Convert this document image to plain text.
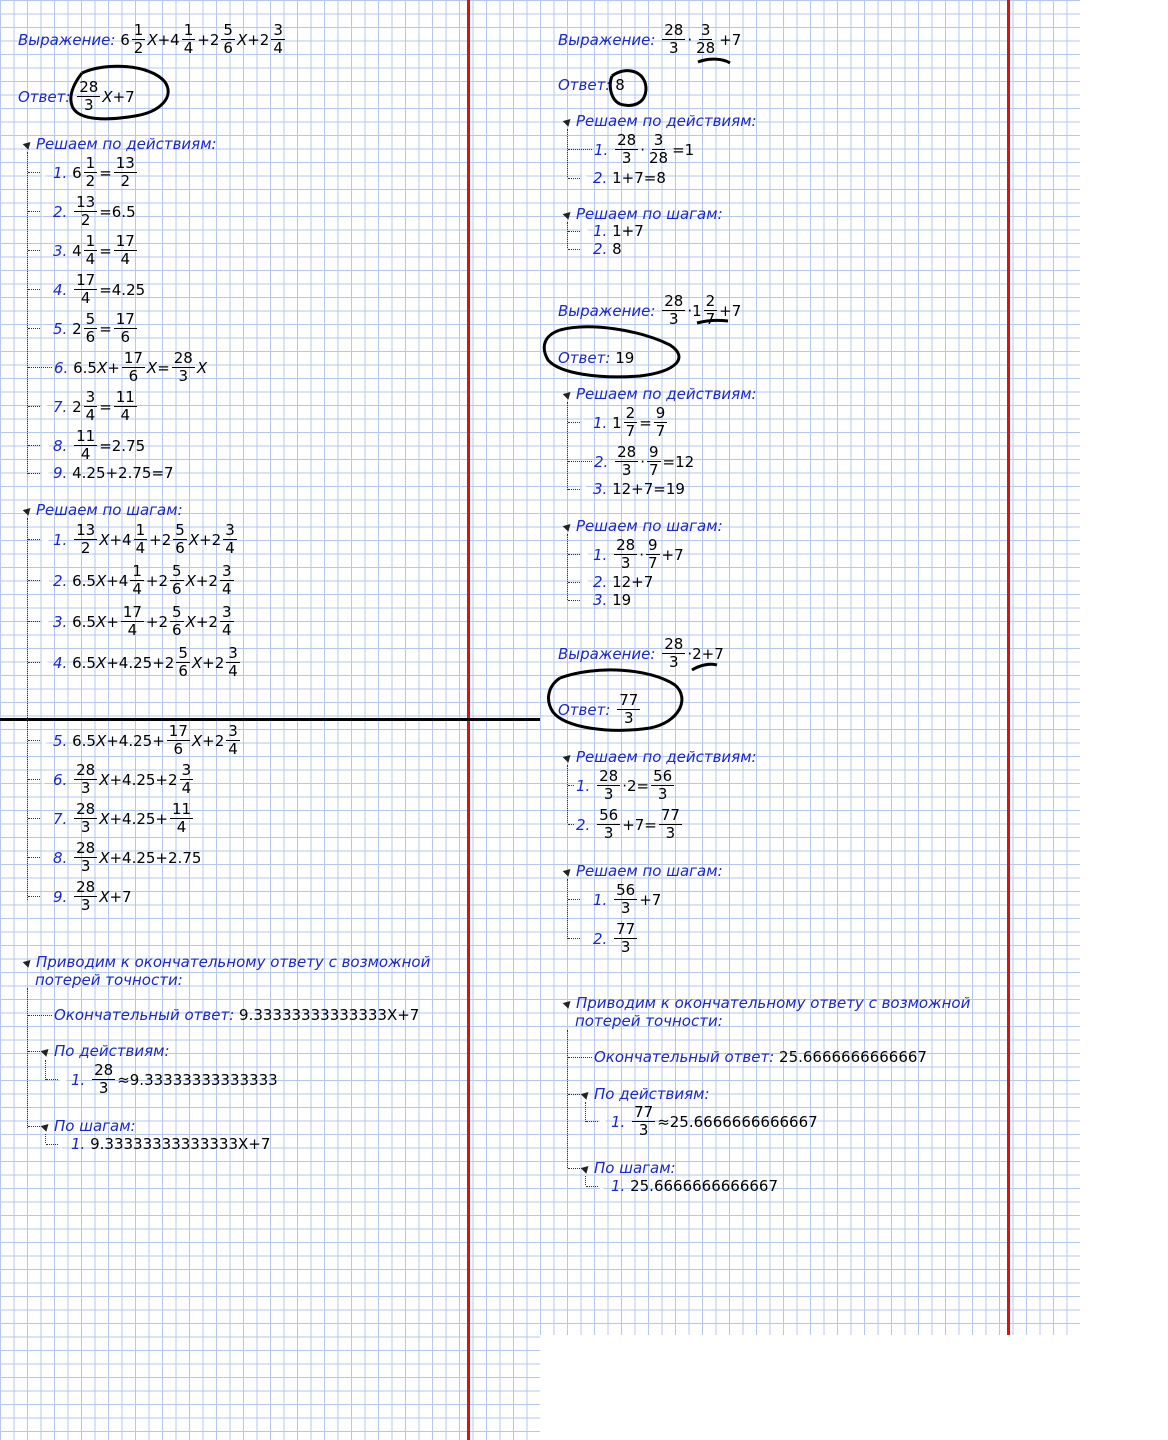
Выражение:
$6 \frac{1}{2}$ $X +4 \frac{1}{4} +2 \frac{5}{6}$ $X +2 \frac{3}{4}$
Ответ:
$\frac{28}{3}$ X +7
Решаем по действиям:
1.
$6 \frac{1}{2} = \frac{13}{2}$
2.
$\frac{13}{2} =6.5$
3.
$4 \frac{1}{4} = \frac{17}{4}$
4.
$\frac{17}{4} =4.25$
5.
$2 \frac{5}{6} = \frac{17}{6}$
6.
6.5 $X + \frac{17}{6}$ $X = \frac{28}{3}$ X
7.
$2 \frac{3}{4} = \frac{11}{4}$
8.
$\frac{11}{4} =2.75$
9.
4.25+2.75=7
Решаем по шагам:
1.
$\frac{13}{2}$ $X +4 \frac{1}{4} +2 \frac{5}{6}$ $X +2 \frac{3}{4}$
2.
6.5 $X +4 \frac{1}{4} +2 \frac{5}{6}$ $X +2 \frac{3}{4}$
3.
6.5 $X + \frac{17}{4} +2 \frac{5}{6}$ $X +2 \frac{3}{4}$
4.
6.5 $X +4.25+2 \frac{5}{6}$ $X +2 \frac{3}{4}$
5.
6.5 $X +4.25+ \frac{17}{6}$ $X +2 \frac{3}{4}$
6.
$\frac{28}{3}$ $X +4.25+2 \frac{3}{4}$
7.
$\frac{28}{3}$ $X +4.25+ \frac{11}{4}$
8.
$\frac{28}{3}$ X +4.25+2.75
9.
$\frac{28}{3}$ X +7
Приводим к окончательному ответу с возможной
потерей точности:
Окончательный ответ:
9.33333333333333X+7
По действиям:
1.
$\frac{28}{3} \approx 9.33333333333333$
По шагам:
1.
9.33333333333333X+7
Выражение:
$\frac{28}{3} \cdot \frac{3}{28} +7$
Ответ:
8
Решаем по действиям:
1.
$\frac{28}{3} \cdot \frac{3}{28} =1$
2.
1+7=8
Решаем по шагам:
1.
1+7
2.
8
Выражение:
$\frac{28}{3} \cdot 1 \frac{2}{7} +7$
Ответ:
19
Решаем по действиям:
1.
$1 \frac{2}{7} = \frac{9}{7}$
2.
$\frac{28}{3} \cdot \frac{9}{7} =12$
3.
12+7=19
Решаем по шагам:
1.
$\frac{28}{3} \cdot \frac{9}{7} +7$
2.
12+7
3.
19
Выражение:
$\frac{28}{3} \cdot 2+7$
Ответ:
$\frac{77}{3}$
Решаем по действиям:
1.
$\frac{28}{3} \cdot 2= \frac{56}{3}$
2.
$\frac{56}{3} +7= \frac{77}{3}$
Решаем по шагам:
1.
$\frac{56}{3} +7$
2.
$\frac{77}{3}$
Приводим к окончательному ответу с возможной
потерей точности:
Окончательный ответ:
25.6666666666667
По действиям:
1.
$\frac{77}{3} \approx 25.6666666666667$
По шагам:
1.
25.6666666666667
